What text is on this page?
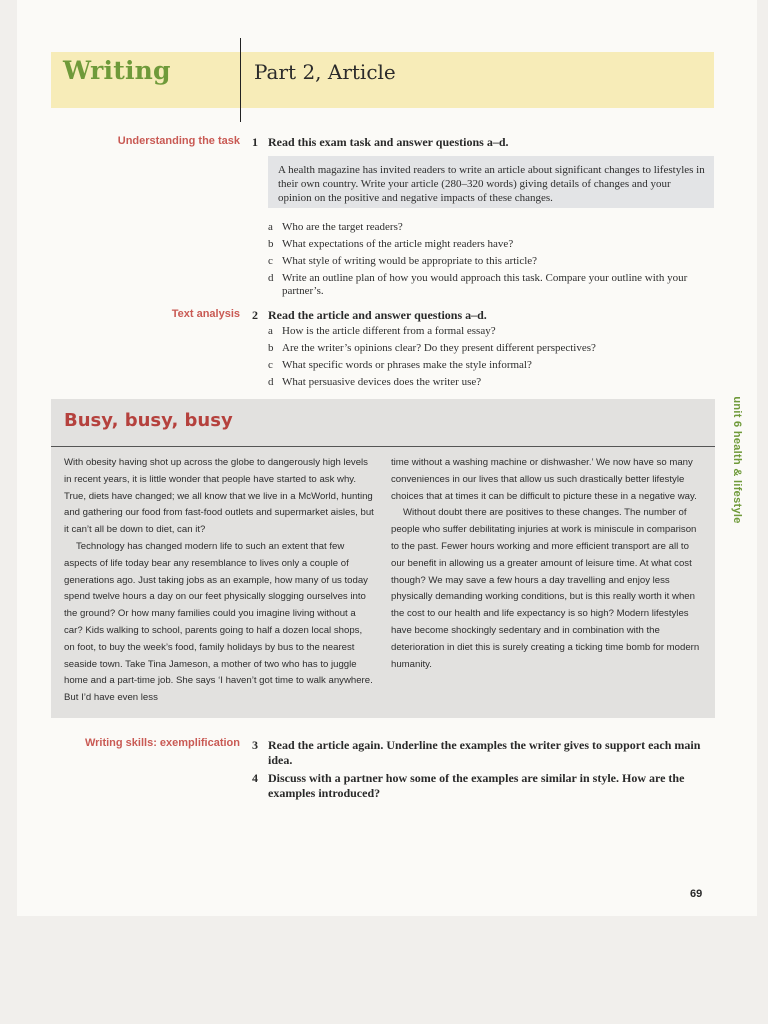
Writing	Part 2, Article
Understanding the task 1 Read this exam task and answer questions a–d.
A health magazine has invited readers to write an article about significant changes to lifestyles in their own country. Write your article (280–320 words) giving details of changes and your opinion on the positive and negative impacts of these changes.
a Who are the target readers?
b What expectations of the article might readers have?
c What style of writing would be appropriate to this article?
d Write an outline plan of how you would approach this task. Compare your outline with your partner’s.
Text analysis 2 Read the article and answer questions a–d.
a How is the article different from a formal essay?
b Are the writer’s opinions clear? Do they present different perspectives?
c What specific words or phrases make the style informal?
d What persuasive devices does the writer use?
Busy, busy, busy

With obesity having shot up across the globe to dangerously high levels in recent years, it is little wonder that people have started to ask why. True, diets have changed; we all know that we live in a McWorld, hunting and gathering our food from fast-food outlets and supermarket aisles, but it can’t all be down to diet, can it?

Technology has changed modern life to such an extent that few aspects of life today bear any resemblance to lives only a couple of generations ago. Just taking jobs as an example, how many of us today spend twelve hours a day on our feet physically slogging ourselves into the ground? Or how many families could you imagine living without a car? Kids walking to school, parents going to half a dozen local shops, on foot, to buy the week’s food, family holidays by bus to the nearest seaside town. Take Tina Jameson, a mother of two who has to juggle home and a part-time job. She says ‘I haven’t got time to walk anywhere. But I’d have even less

time without a washing machine or dishwasher.’ We now have so many conveniences in our lives that allow us such drastically better lifestyle choices that at times it can be difficult to picture these in a negative way.

Without doubt there are positives to these changes. The number of people who suffer debilitating injuries at work is miniscule in comparison to the past. Fewer hours working and more efficient transport are all to our benefit in allowing us a greater amount of leisure time. At what cost though? We may save a few hours a day travelling and enjoy less physically demanding working conditions, but is this really worth it when the cost to our health and life expectancy is so high? Modern lifestyles have become shockingly sedentary and in combination with the deterioration in diet this is surely creating a ticking time bomb for modern humanity.

Writing skills: exemplification 3 Read the article again. Underline the examples the writer gives to support each main idea.
4 Discuss with a partner how some of the examples are similar in style. How are the examples introduced?
unit 6 health & lifestyle
69
